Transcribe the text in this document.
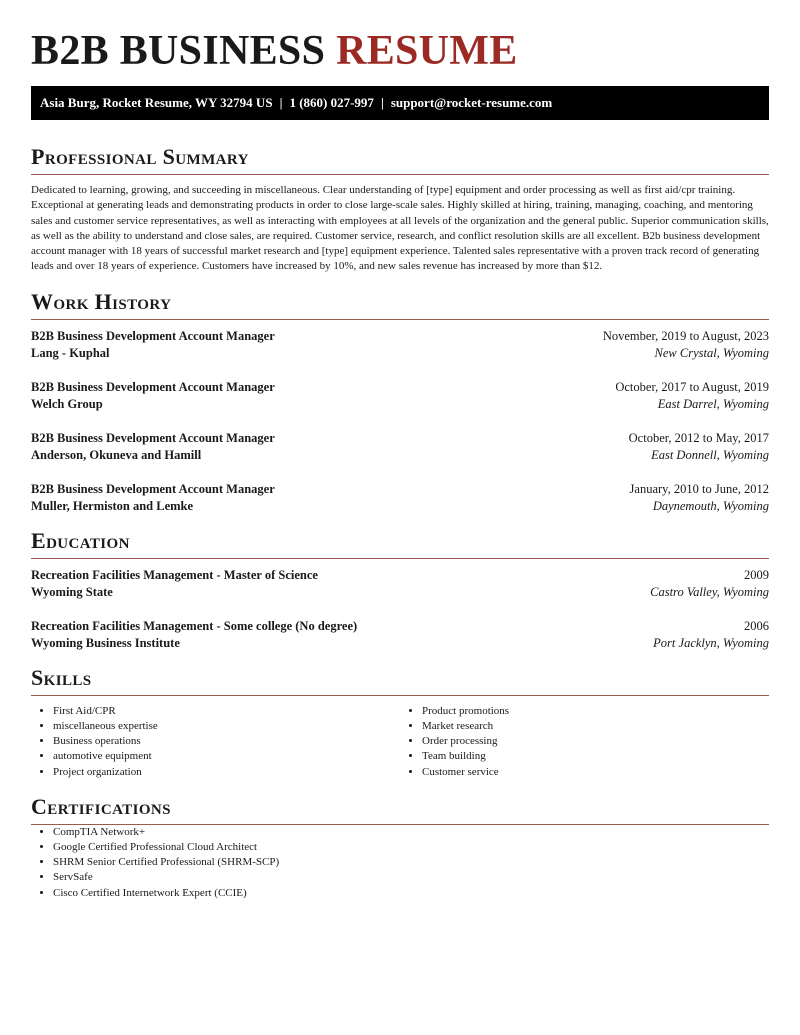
B2B BUSINESS RESUME
Asia Burg, Rocket Resume, WY 32794 US | 1 (860) 027-997 | support@rocket-resume.com
Professional Summary

Dedicated to learning, growing, and succeeding in miscellaneous. Clear understanding of [type] equipment and order processing as well as first aid/cpr training. Exceptional at generating leads and demonstrating products in order to close large-scale sales. Highly skilled at hiring, training, managing, coaching, and mentoring sales and customer service representatives, as well as interacting with employees at all levels of the organization and the general public. Superior communication skills, as well as the ability to understand and close sales, are required. Customer service, research, and conflict resolution skills are all excellent. B2b business development account manager with 18 years of successful market research and [type] equipment experience. Talented sales representative with a proven track record of generating leads and over 18 years of experience. Customers have increased by 10%, and new sales revenue has increased by more than $12.

Work History
B2B Business Development Account Manager	November, 2019 to August, 2023
Lang - Kuphal	New Crystal, Wyoming
B2B Business Development Account Manager	October, 2017 to August, 2019
Welch Group	East Darrel, Wyoming
B2B Business Development Account Manager	October, 2012 to May, 2017
Anderson, Okuneva and Hamill	East Donnell, Wyoming
B2B Business Development Account Manager	January, 2010 to June, 2012
Muller, Hermiston and Lemke	Daynemouth, Wyoming
Education
Recreation Facilities Management - Master of Science	2009
Wyoming State	Castro Valley, Wyoming
Recreation Facilities Management - Some college (No degree)	2006
Wyoming Business Institute	Port Jacklyn, Wyoming
Skills
• First Aid/CPR
• miscellaneous expertise
• Business operations
• automotive equipment
• Project organization
• Product promotions
• Market research
• Order processing
• Team building
• Customer service
Certifications
• CompTIA Network+
• Google Certified Professional Cloud Architect
• SHRM Senior Certified Professional (SHRM-SCP)
• ServSafe
• Cisco Certified Internetwork Expert (CCIE)
